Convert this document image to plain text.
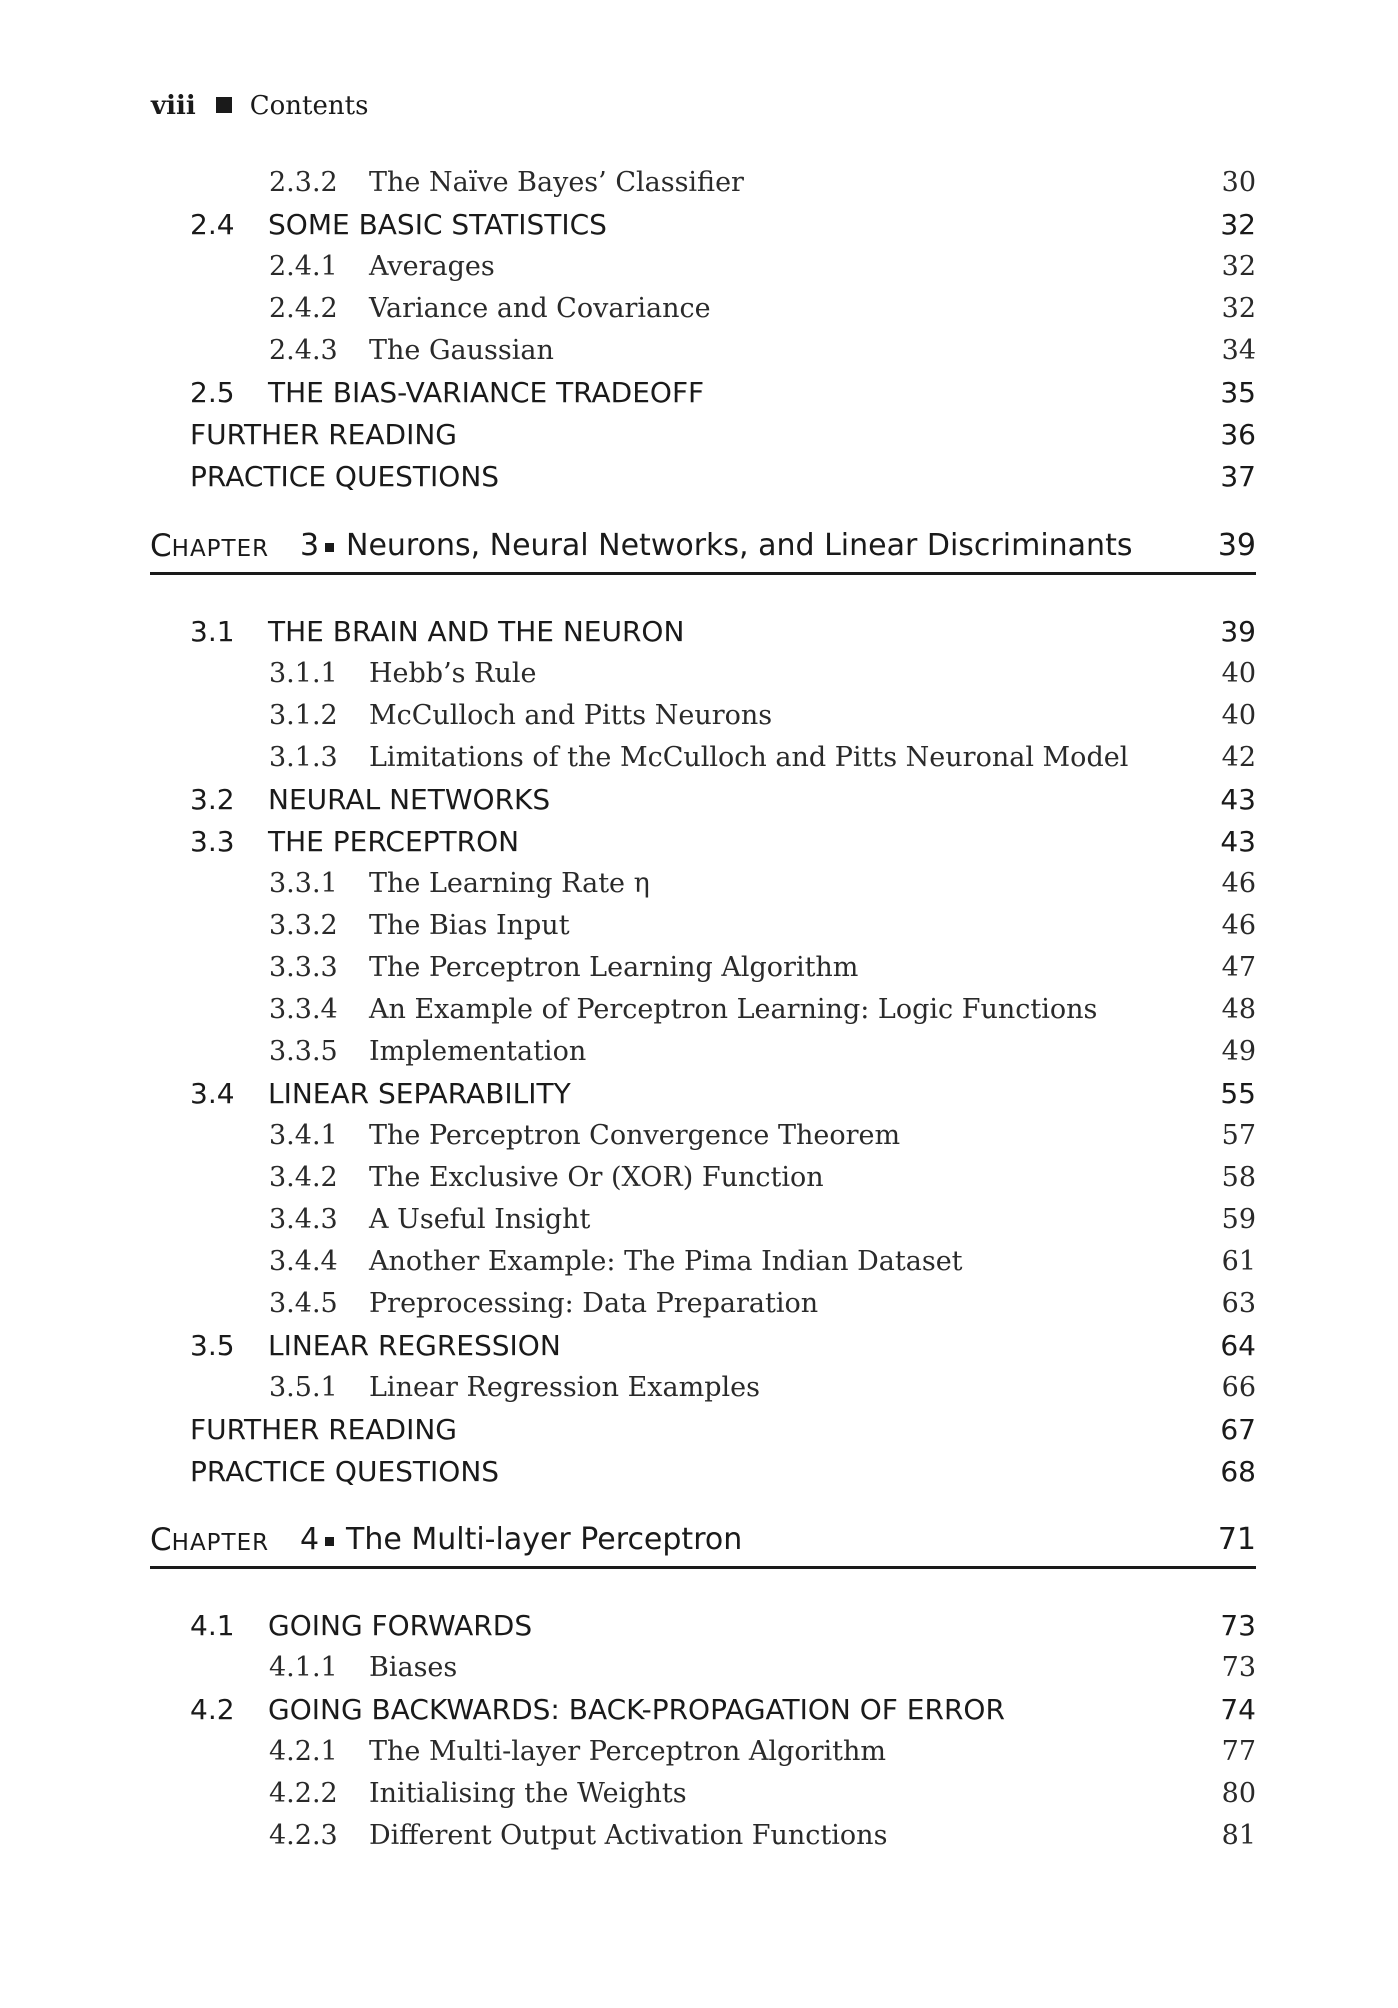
viii Contents
2.3.2 The Naïve Bayes’ Classifier	30
2.4 SOME BASIC STATISTICS	32
2.4.1 Averages	32
2.4.2 Variance and Covariance	32
2.4.3 The Gaussian	34
2.5 THE BIAS-VARIANCE TRADEOFF	35
FURTHER READING	36
PRACTICE QUESTIONS	37
CHAPTER 3 Neurons, Neural Networks, and Linear Discriminants	39
3.1 THE BRAIN AND THE NEURON	39
3.1.1 Hebb’s Rule	40
3.1.2 McCulloch and Pitts Neurons	40
3.1.3 Limitations of the McCulloch and Pitts Neuronal Model	42
3.2 NEURAL NETWORKS	43
3.3 THE PERCEPTRON	43
3.3.1 The Learning Rate η	46
3.3.2 The Bias Input	46
3.3.3 The Perceptron Learning Algorithm	47
3.3.4 An Example of Perceptron Learning: Logic Functions	48
3.3.5 Implementation	49
3.4 LINEAR SEPARABILITY	55
3.4.1 The Perceptron Convergence Theorem	57
3.4.2 The Exclusive Or (XOR) Function	58
3.4.3 A Useful Insight	59
3.4.4 Another Example: The Pima Indian Dataset	61
3.4.5 Preprocessing: Data Preparation	63
3.5 LINEAR REGRESSION	64
3.5.1 Linear Regression Examples	66
FURTHER READING	67
PRACTICE QUESTIONS	68
CHAPTER 4 The Multi-layer Perceptron	71
4.1 GOING FORWARDS	73
4.1.1 Biases	73
4.2 GOING BACKWARDS: BACK-PROPAGATION OF ERROR	74
4.2.1 The Multi-layer Perceptron Algorithm	77
4.2.2 Initialising the Weights	80
4.2.3 Different Output Activation Functions	81
